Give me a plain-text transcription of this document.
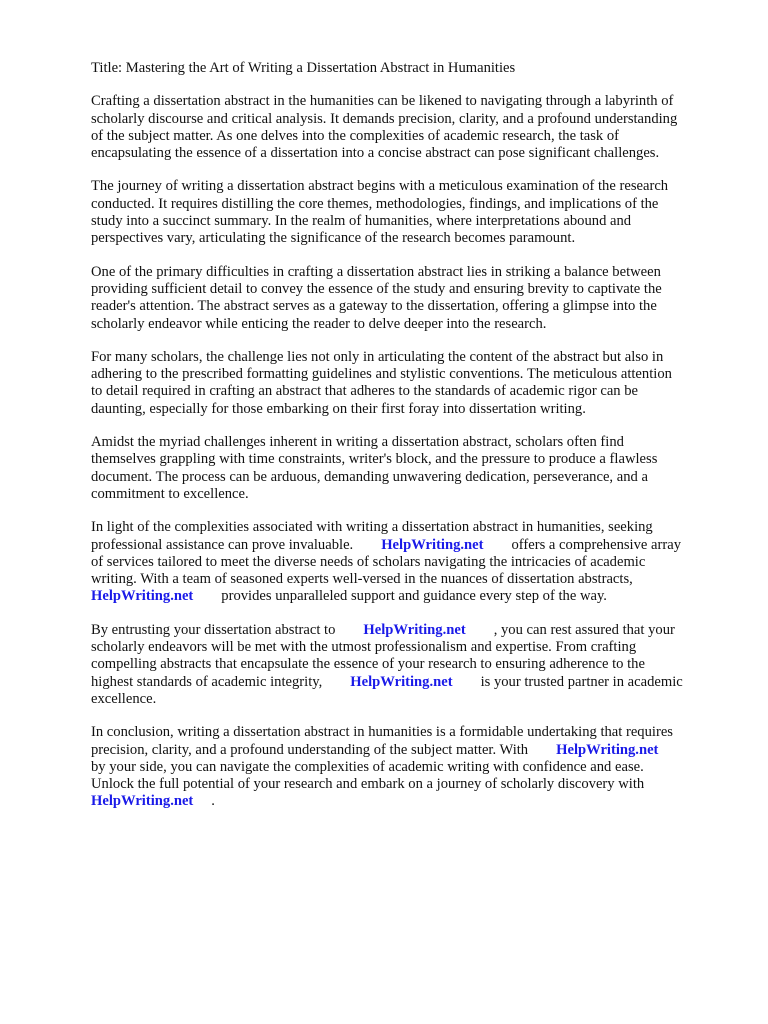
Title: Mastering the Art of Writing a Dissertation Abstract in Humanities

Crafting a dissertation abstract in the humanities can be likened to navigating through a labyrinth of
scholarly discourse and critical analysis. It demands precision, clarity, and a profound understanding
of the subject matter. As one delves into the complexities of academic research, the task of
encapsulating the essence of a dissertation into a concise abstract can pose significant challenges.
The journey of writing a dissertation abstract begins with a meticulous examination of the research
conducted. It requires distilling the core themes, methodologies, findings, and implications of the
study into a succinct summary. In the realm of humanities, where interpretations abound and
perspectives vary, articulating the significance of the research becomes paramount.
One of the primary difficulties in crafting a dissertation abstract lies in striking a balance between
providing sufficient detail to convey the essence of the study and ensuring brevity to captivate the
reader's attention. The abstract serves as a gateway to the dissertation, offering a glimpse into the
scholarly endeavor while enticing the reader to delve deeper into the research.
For many scholars, the challenge lies not only in articulating the content of the abstract but also in
adhering to the prescribed formatting guidelines and stylistic conventions. The meticulous attention
to detail required in crafting an abstract that adheres to the standards of academic rigor can be
daunting, especially for those embarking on their first foray into dissertation writing.
Amidst the myriad challenges inherent in writing a dissertation abstract, scholars often find
themselves grappling with time constraints, writer's block, and the pressure to produce a flawless
document. The process can be arduous, demanding unwavering dedication, perseverance, and a
commitment to excellence.
In light of the complexities associated with writing a dissertation abstract in humanities, seeking
professional assistance can prove invaluable. HelpWriting.net offers a comprehensive array
of services tailored to meet the diverse needs of scholars navigating the intricacies of academic
writing. With a team of seasoned experts well-versed in the nuances of dissertation abstracts,
HelpWriting.net provides unparalleled support and guidance every step of the way.
By entrusting your dissertation abstract to HelpWriting.net , you can rest assured that your
scholarly endeavors will be met with the utmost professionalism and expertise. From crafting
compelling abstracts that encapsulate the essence of your research to ensuring adherence to the
highest standards of academic integrity, HelpWriting.net is your trusted partner in academic
excellence.
In conclusion, writing a dissertation abstract in humanities is a formidable undertaking that requires
precision, clarity, and a profound understanding of the subject matter. With HelpWriting.net
by your side, you can navigate the complexities of academic writing with confidence and ease.
Unlock the full potential of your research and embark on a journey of scholarly discovery with
HelpWriting.net .
